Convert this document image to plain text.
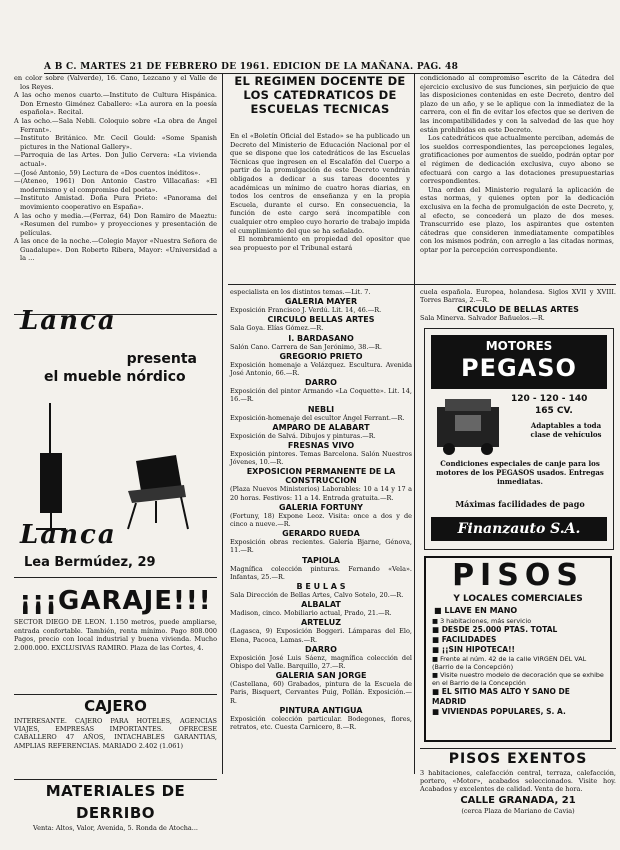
A B C. MARTES 21 DE FEBRERO DE 1961. EDICION DE LA MAÑANA. PAG. 48

en color sobre (Valverde), 16. Cano, Lezcano y el Valle de los Reyes.

A las ocho menos cuarto.—Instituto de Cultura Hispánica. Don Ernesto Giménez Caballero: «La aurora en la poesía española». Recital.

A las ocho.—Sala Nebli. Coloquio sobre «La obra de Ángel Ferrant».

—Instituto Británico. Mr. Cecil Gould: «Some Spanish pictures in the National Gallery».

—Parroquia de las Artes. Don Julio Cervera: «La vivienda actual».

—(José Antonio, 59) Lectura de «Dos cuentos inéditos».

—(Ateneo, 1961) Don Antonio Castro Villacañas: «El modernismo y el compromiso del poeta».

—Instituto Amistad. Doña Pura Prieto: «Panorama del movimiento cooperativo en España».

A las ocho y media.—(Ferraz, 64) Don Ramiro de Maeztu: «Resumen del rumbo» y proyecciones y presentación de películas.

A las once de la noche.—Colegio Mayor «Nuestra Señora de Guadalupe». Don Roberto Ribera, Mayor: «Universidad a la ...

Lanca
presenta
el mueble nórdico
Lanca
Lea Bermúdez, 29
¡¡¡GARAJE!!!
SECTOR DIEGO DE LEON. 1.150 metros, puede ampliarse, entrada confortable. También, renta mínimo. Pago 808.000 Pagos, precio con local industrial y buena vivienda. Mucho 2.000.000. EXCLUSIVAS RAMIRO. Plaza de las Cortes, 4.
CAJERO
INTERESANTE. CAJERO PARA HOTELES, AGENCIAS VIAJES, EMPRESAS IMPORTANTES. OFRECESE CABALLERO 47 AÑOS, INTACHABLES GARANTIAS, AMPLIAS REFERENCIAS. MARIADO 2.402 (1.061)
MATERIALES DE DERRIBO
Venta: Altos, Valor, Avenida, 5. Ronda de Atocha...
EL REGIMEN DOCENTE DE LOS CATEDRATICOS DE ESCUELAS TECNICAS

En el «Boletín Oficial del Estado» se ha publicado un Decreto del Ministerio de Educación Nacional por el que se dispone que los catedráticos de las Escuelas Técnicas que ingresen en el Escalafón del Cuerpo a partir de la promulgación de este Decreto vendrán obligados a dedicar a sus tareas docentes y académicas un mínimo de cuatro horas diarias, en todos los centros de enseñanza y en la propia Escuela, durante el curso. En consecuencia, la función de este cargo será incompatible con cualquier otro empleo cuyo horario de trabajo impida el cumplimiento del que se ha señalado.

El nombramiento en propiedad del opositor que sea propuesto por el Tribunal estará

condicionado al compromiso escrito de la Cátedra del ejercicio exclusivo de sus funciones, sin perjuicio de que las disposiciones contenidas en este Decreto, dentro del plazo de un año, y se le aplique con la inmediatez de la carrera, con el fin de evitar los efectos que se deriven de las incompatibilidades y con la salvedad de las que hoy están prohibidas en este Decreto.

Los catedráticos que actualmente perciban, además de los sueldos correspondientes, las percepciones legales, gratificaciones por aumentos de sueldo, podrán optar por el régimen de dedicación exclusiva, cuyo abono se efectuará con cargo a las dotaciones presupuestarias correspondientes.

Una orden del Ministerio regulará la aplicación de estas normas, y quienes opten por la dedicación exclusiva en la fecha de promulgación de este Decreto, y, al efecto, se concederá un plazo de dos meses. Transcurrido ese plazo, los aspirantes que ostenten cátedras que consideren inmediatamente compatibles con los mismos podrán, con arreglo a las citadas normas, optar por la percepción correspondiente.

especialista en los distintos temas.—Lit. 7.

GALERIA MAYER

Exposición Francisco J. Verdú. Lit. 14, 46.—R.

CIRCULO BELLAS ARTES

Sala Goya. Elías Gómez.—R.

I. BARDASANO

Salón Cano. Carrera de San Jerónimo, 38.—R.

GREGORIO PRIETO

Exposición homenaje a Velázquez. Escultura. Avenida José Antonio, 66.—R.

DARRO

Exposición del pintor Armando «La Coquette». Lit. 14, 16.—R.

NEBLI

Exposición-homenaje del escultor Ángel Ferrant.—R.

AMPARO DE ALABART

Exposición de Salvá. Dibujos y pinturas.—R.

FRESNAS VIVO

Exposición pintores. Temas Barcelona. Salón Nuestros Jóvenes, 10.—R.

EXPOSICION PERMANENTE DE LA CONSTRUCCION

(Plaza Nuevos Ministerios) Laborables: 10 a 14 y 17 a 20 horas. Festivos: 11 a 14. Entrada gratuita.—R.

GALERIA FORTUNY

(Fortuny, 18) Expone Leoz. Visita: once a dos y de cinco a nueve.—R.

GERARDO RUEDA

Exposición obras recientes. Galería Bjarne, Génova, 11.—R.

TAPIOLA

Magnífica colección pinturas. Fernando «Vela». Infantas, 25.—R.

B E U L A S

Sala Dirección de Bellas Artes, Calvo Sotelo, 20.—R.

ALBALAT

Madison, cinco. Mobiliario actual, Prado, 21.—R.

ARTELUZ

(Lagasca, 9) Exposición Boggeri. Lámparas del Elo, Elena, Pacoca, Lamas.—R.

DARRO

Exposición José Luis Sáenz, magnífica colección del Obispo del Valle. Barquillo, 27.—R.

GALERIA SAN JORGE

(Castellana, 60) Grabados, pintura de la Escuela de Paris, Bisquert, Cervantes Puig, Pollán. Exposición.—R.

PINTURA ANTIGUA

Exposición colección particular. Bodegones, flores, retratos, etc. Cuesta Carnicero, 8.—R.

cuela española. Europea, holandesa. Siglos XVII y XVIII. Torres Barras, 2.—R.

CIRCULO DE BELLAS ARTES

Sala Minerva. Salvador Bañuelos.—R.

MOTORES
PEGASO
120 - 120 - 140
165 CV.
Adaptables a toda clase de vehículos
Condiciones especiales de canje para los motores de los PEGASOS usados. Entregas inmediatas.
Máximas facilidades de pago
Finanzauto S.A.
PISOS
Y LOCALES COMERCIALES
■ LLAVE EN MANO
■ 3 habitaciones, más servicio
■ DESDE 25.000 PTAS. TOTAL
■ FACILIDADES
■ ¡¡SIN HIPOTECA!!
■ Frente al núm. 42 de la calle VIRGEN DEL VAL (Barrio de la Concepción)
■ Visite nuestro modelo de decoración que se exhibe en el Barrio de la Concepción
■ EL SITIO MAS ALTO Y SANO DE MADRID
■ VIVIENDAS POPULARES, S. A.
PISOS EXENTOS
3 habitaciones, calefacción central, terraza, calefacción, portero, «Motor», acabados seleccionados. Visite hoy. Acabados y excelentes de calidad. Venta de hora.
CALLE GRANADA, 21
(cerca Plaza de Mariano de Cavia)
